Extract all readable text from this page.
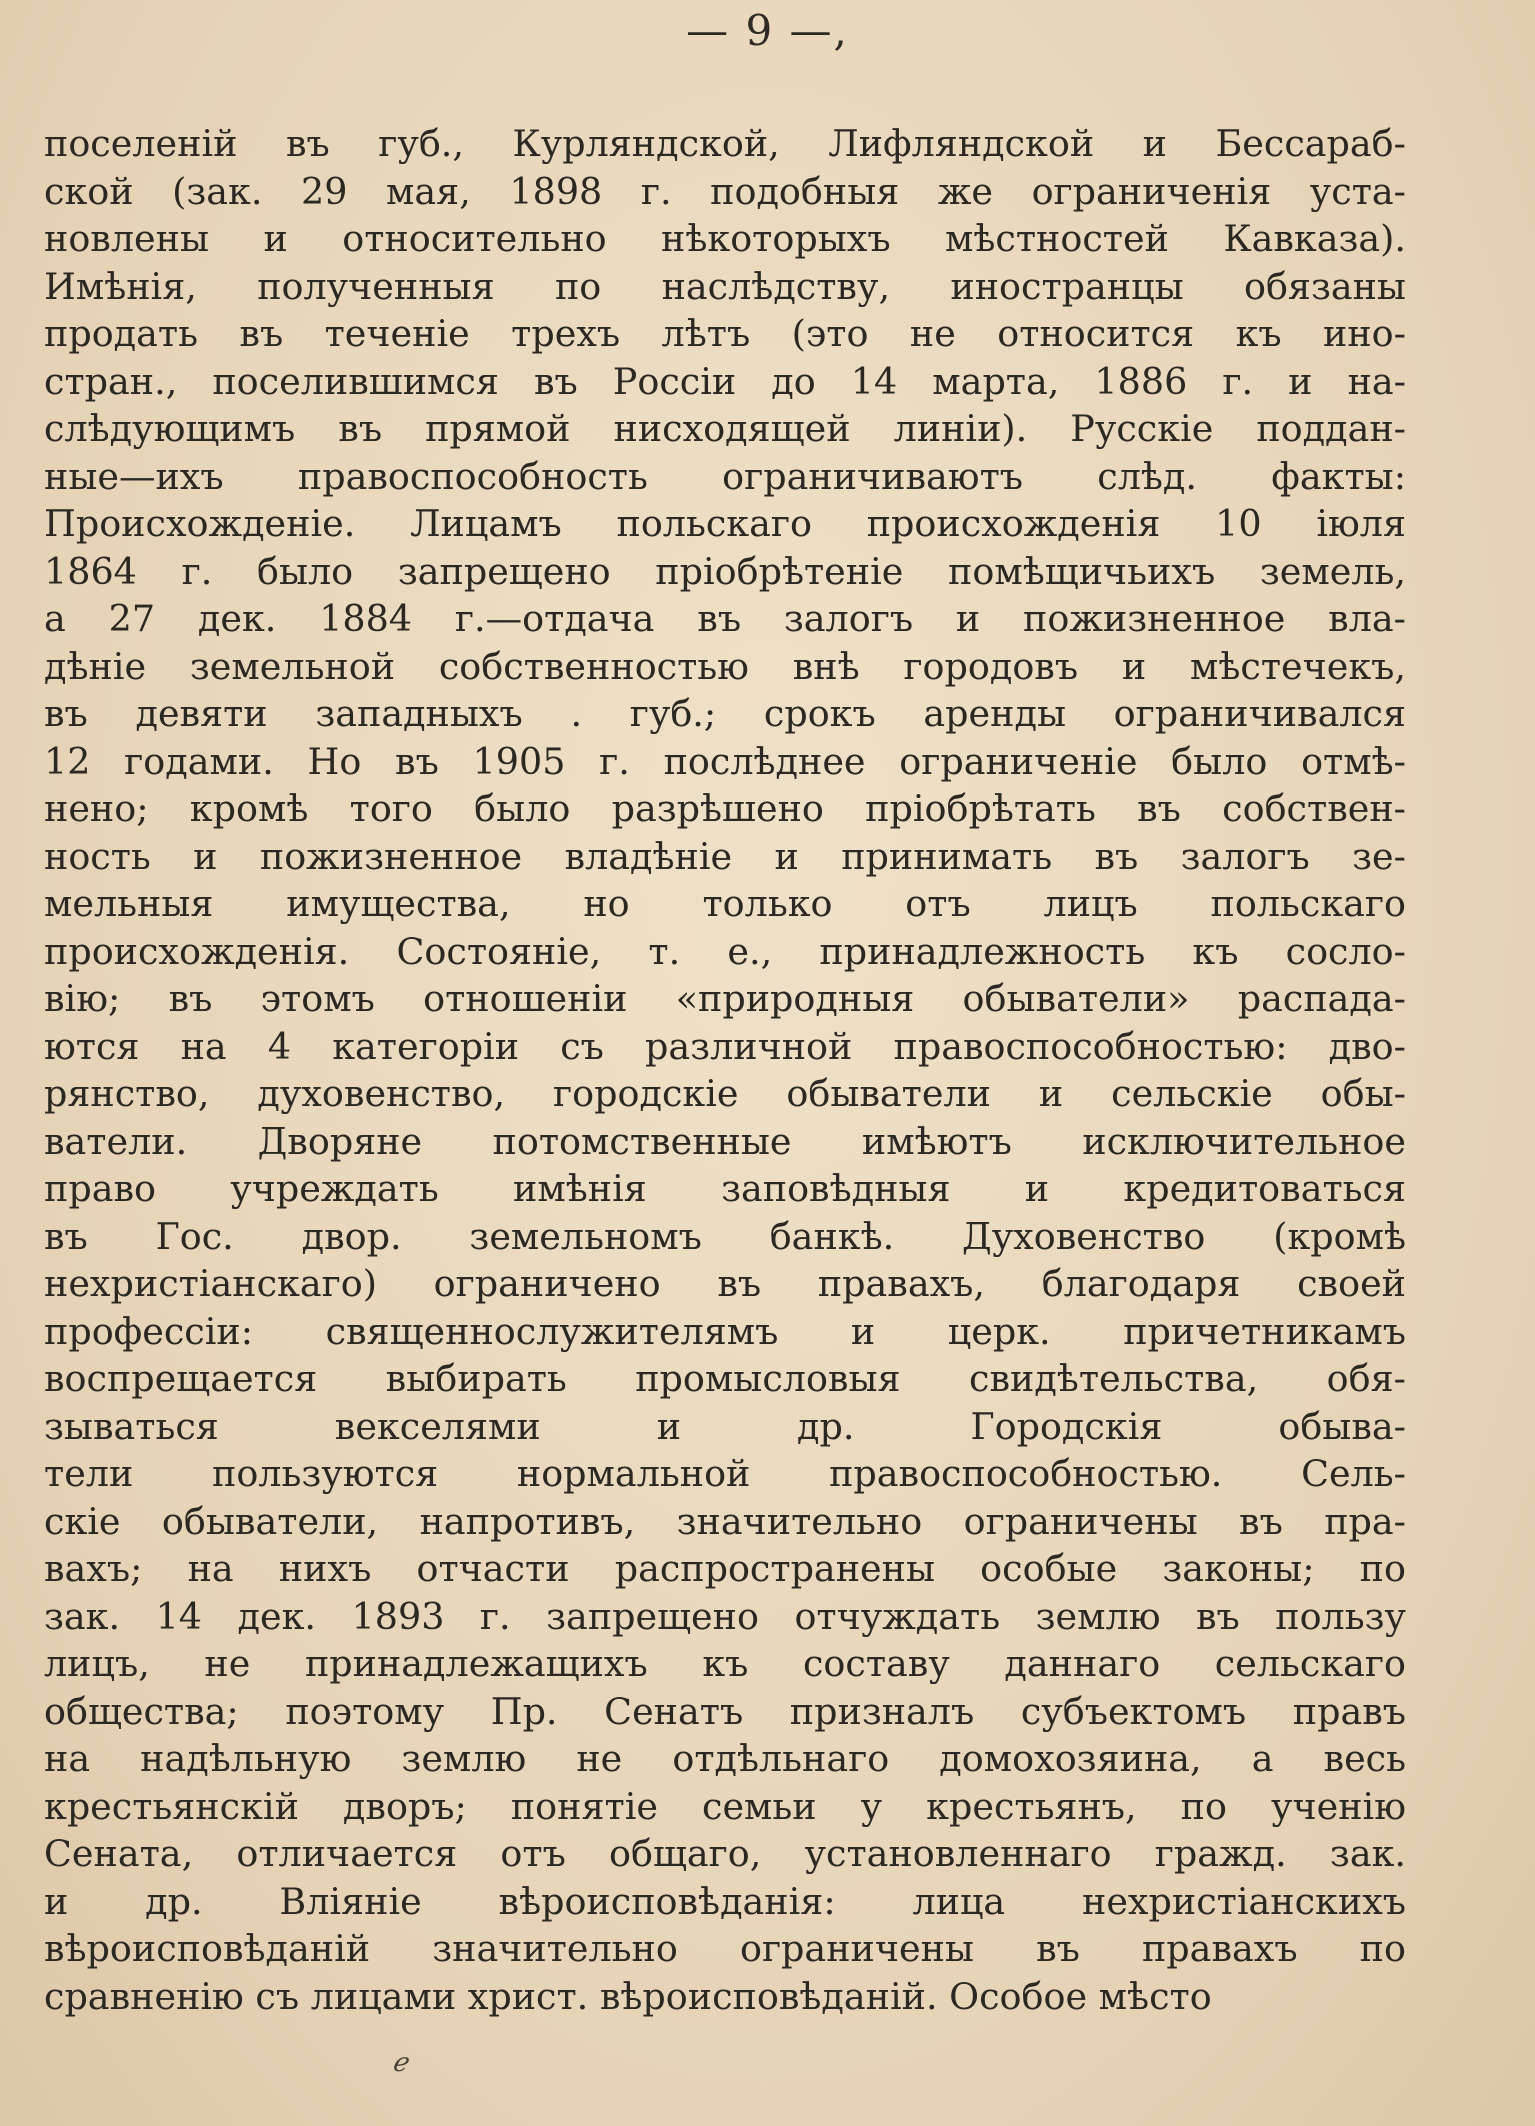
— 9 —,
поселеній въ губ., Курляндской, Лифляндской и Бессараб-
ской (зак. 29 мая, 1898 г. подобныя же ограниченія уста-
новлены и относительно нѣкоторыхъ мѣстностей Кавказа).
Имѣнія, полученныя по наслѣдству, иностранцы обязаны
продать въ теченіе трехъ лѣтъ (это не относится къ ино-
стран., поселившимся въ Россіи до 14 марта, 1886 г. и на-
слѣдующимъ въ прямой нисходящей линіи). Русскіе поддан-
ные—ихъ правоспособность ограничиваютъ слѣд. факты:
Происхожденіе. Лицамъ польскаго происхожденія 10 іюля
1864 г. было запрещено пріобрѣтеніе помѣщичьихъ земель,
а 27 дек. 1884 г.—отдача въ залогъ и пожизненное вла-
дѣніе земельной собственностью внѣ городовъ и мѣстечекъ,
въ девяти западныхъ . губ.; срокъ аренды ограничивался
12 годами. Но въ 1905 г. послѣднее ограниченіе было отмѣ-
нено; кромѣ того было разрѣшено пріобрѣтать въ собствен-
ность и пожизненное владѣніе и принимать въ залогъ зе-
мельныя имущества, но только отъ лицъ польскаго
происхожденія. Состояніе, т. е., принадлежность къ сосло-
вію; въ этомъ отношеніи «природныя обыватели» распада-
ются на 4 категоріи съ различной правоспособностью: дво-
рянство, духовенство, городскіе обыватели и сельскіе обы-
ватели. Дворяне потомственные имѣютъ исключительное
право учреждать имѣнія заповѣдныя и кредитоваться
въ Гос. двор. земельномъ банкѣ. Духовенство (кромѣ
нехристіанскаго) ограничено въ правахъ, благодаря своей
профессіи: священнослужителямъ и церк. причетникамъ
воспрещается выбирать промысловыя свидѣтельства, обя-
зываться векселями и др. Городскія обыва-
тели пользуются нормальной правоспособностью. Сель-
скіе обыватели, напротивъ, значительно ограничены въ пра-
вахъ; на нихъ отчасти распространены особые законы; по
зак. 14 дек. 1893 г. запрещено отчуждать землю въ пользу
лицъ, не принадлежащихъ къ составу даннаго сельскаго
общества; поэтому Пр. Сенатъ призналъ субъектомъ правъ
на надѣльную землю не отдѣльнаго домохозяина, а весь
крестьянскій дворъ; понятіе семьи у крестьянъ, по ученію
Сената, отличается отъ общаго, установленнаго гражд. зак.
и др. Вліяніе вѣроисповѣданія: лица нехристіанскихъ
вѣроисповѣданій значительно ограничены въ правахъ по
сравненію съ лицами христ. вѣроисповѣданій. Особое мѣсто
ℯ
